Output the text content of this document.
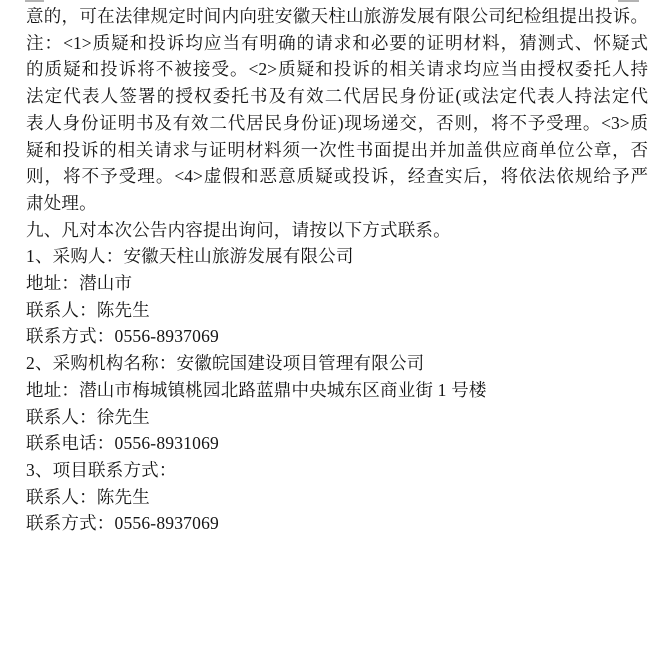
意的，可在法律规定时间内向驻安徽天柱山旅游发展有限公司纪检组提出投诉。
注：<1>质疑和投诉均应当有明确的请求和必要的证明材料，猜测式、怀疑式
的质疑和投诉将不被接受。<2>质疑和投诉的相关请求均应当由授权委托人持
法定代表人签署的授权委托书及有效二代居民身份证(或法定代表人持法定代
表人身份证明书及有效二代居民身份证)现场递交，否则，将不予受理。<3>质
疑和投诉的相关请求与证明材料须一次性书面提出并加盖供应商单位公章，否
则，将不予受理。<4>虚假和恶意质疑或投诉，经查实后，将依法依规给予严
肃处理。
九、凡对本次公告内容提出询问，请按以下方式联系。
1、采购人：安徽天柱山旅游发展有限公司
地址：潜山市
联系人：陈先生
联系方式：0556-8937069
2、采购机构名称：安徽皖国建设项目管理有限公司
地址：潜山市梅城镇桃园北路蓝鼎中央城东区商业街 1 号楼
联系人：徐先生
联系电话：0556-8931069
3、项目联系方式：
联系人：陈先生
联系方式：0556-8937069
